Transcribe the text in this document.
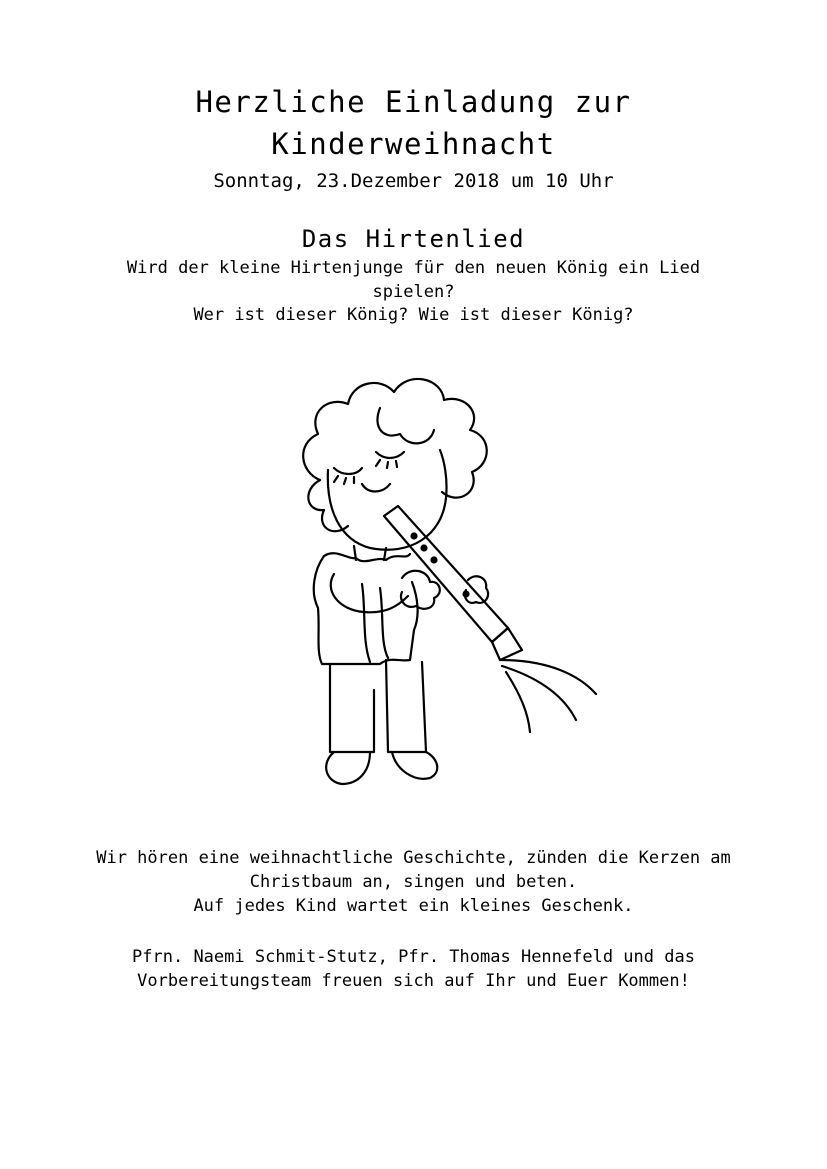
Herzliche Einladung zur
Kinderweihnacht
Sonntag, 23.Dezember 2018 um 10 Uhr
Das Hirtenlied
Wird der kleine Hirtenjunge für den neuen König ein Lied
spielen?
Wer ist dieser König? Wie ist dieser König?
Wir hören eine weihnachtliche Geschichte, zünden die Kerzen am
Christbaum an, singen und beten.
Auf jedes Kind wartet ein kleines Geschenk.
Pfrn. Naemi Schmit-Stutz, Pfr. Thomas Hennefeld und das
Vorbereitungsteam freuen sich auf Ihr und Euer Kommen!
